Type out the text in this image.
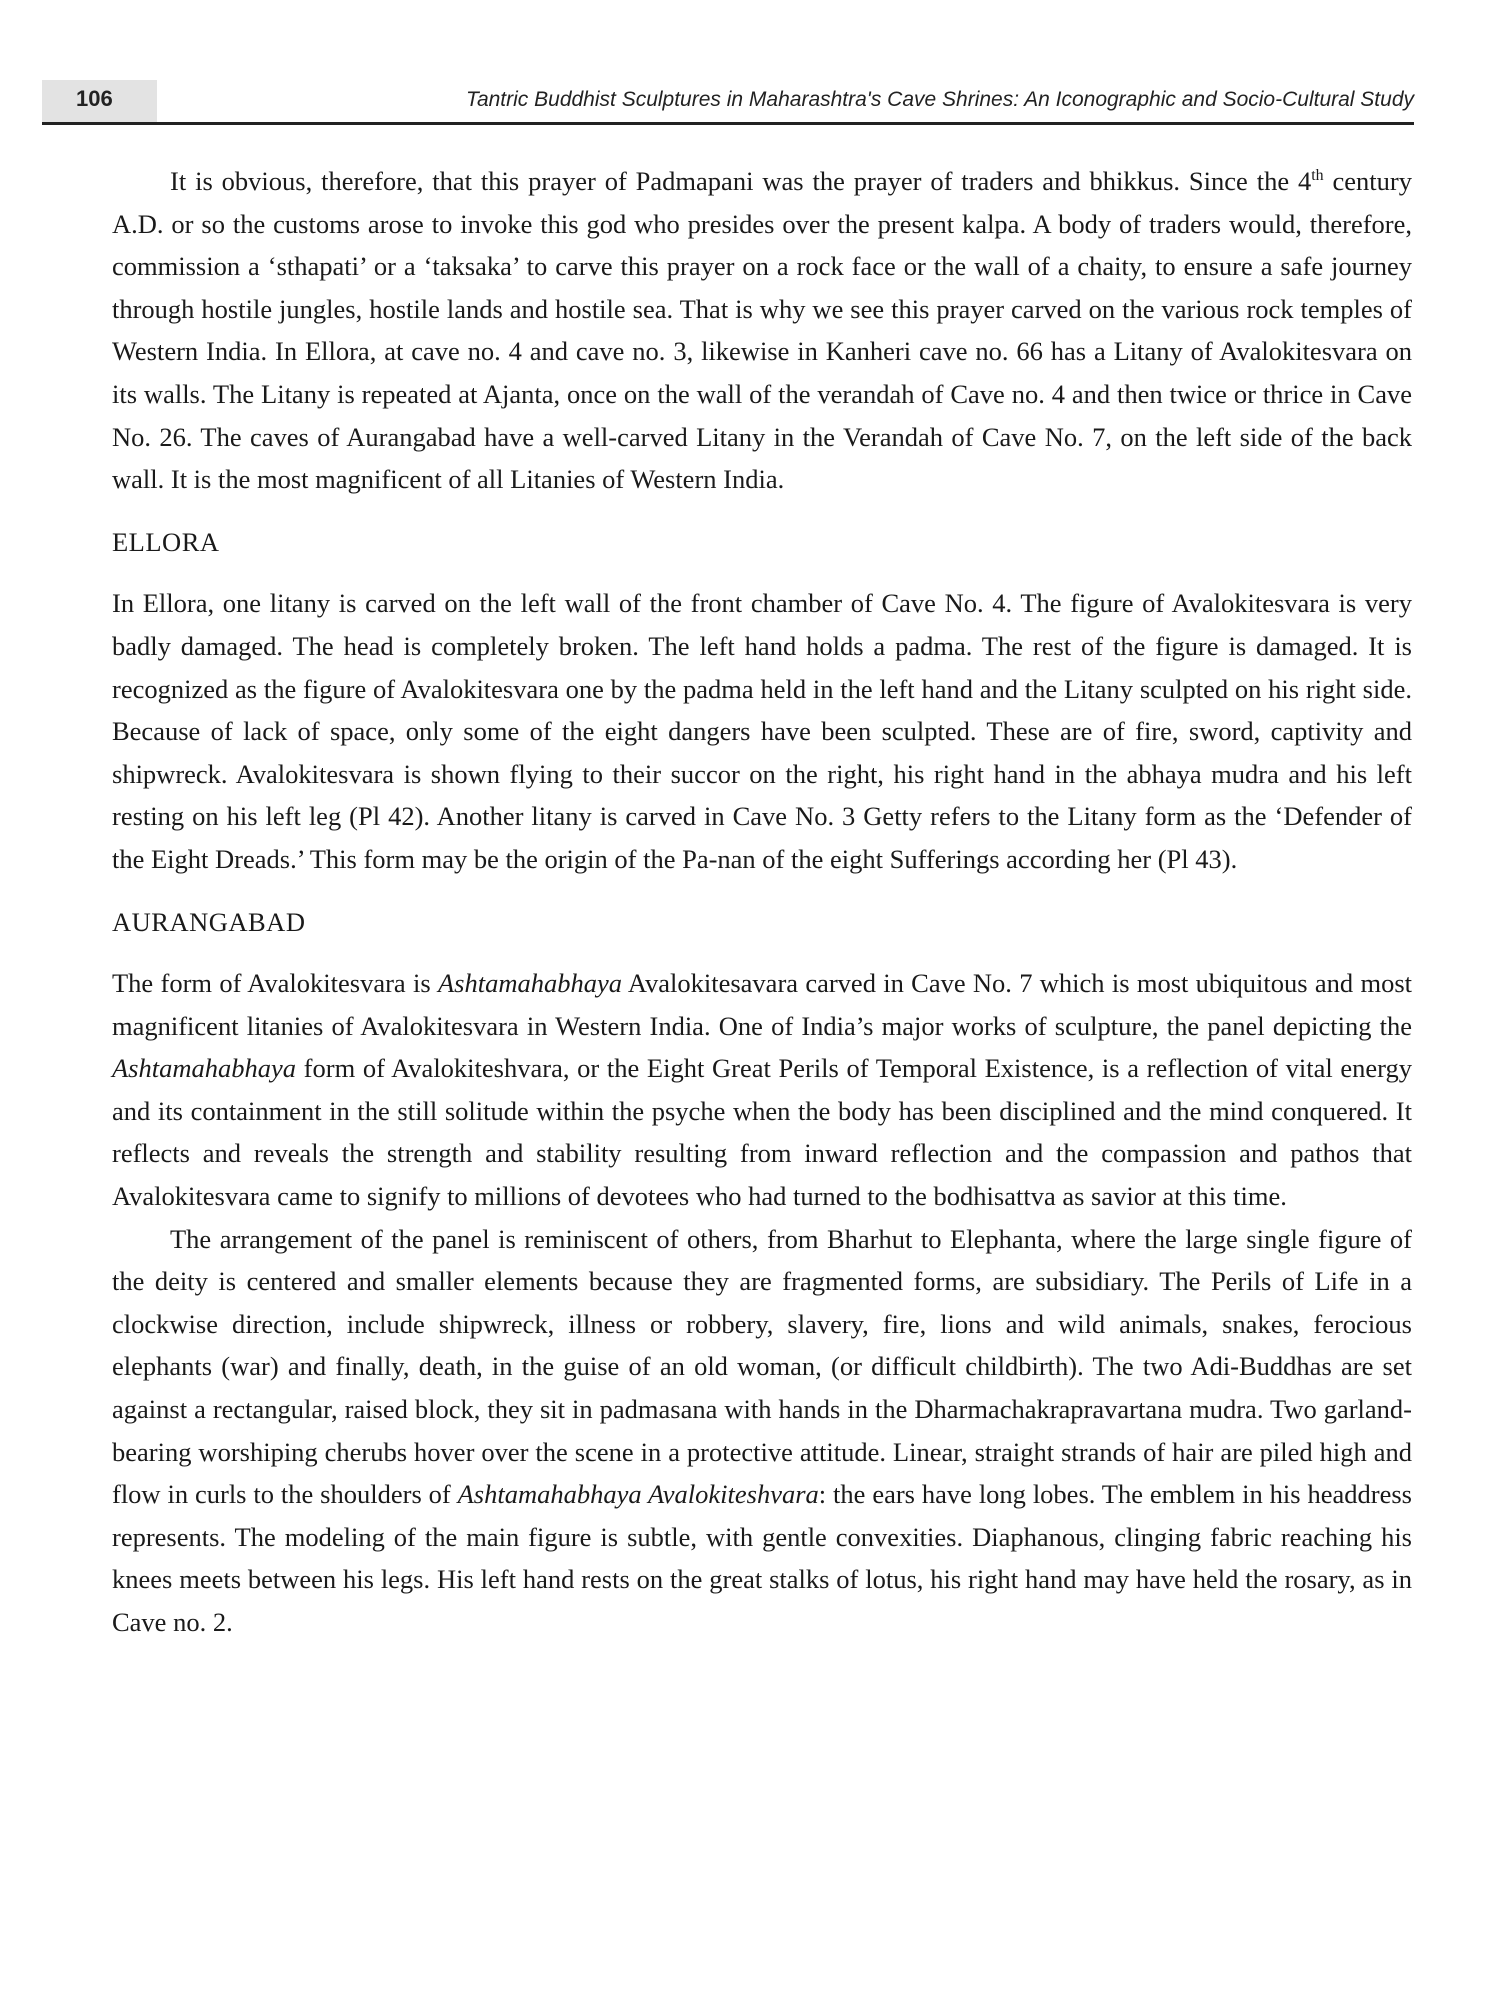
106	Tantric Buddhist Sculptures in Maharashtra's Cave Shrines: An Iconographic and Socio-Cultural Study

It is obvious, therefore, that this prayer of Padmapani was the prayer of traders and bhikkus. Since the 4th century A.D. or so the customs arose to invoke this god who presides over the present kalpa. A body of traders would, therefore, commission a ‘sthapati’ or a ‘taksaka’ to carve this prayer on a rock face or the wall of a chaity, to ensure a safe journey through hostile jungles, hostile lands and hostile sea. That is why we see this prayer carved on the various rock temples of Western India. In Ellora, at cave no. 4 and cave no. 3, likewise in Kanheri cave no. 66 has a Litany of Avalokitesvara on its walls. The Litany is repeated at Ajanta, once on the wall of the verandah of Cave no. 4 and then twice or thrice in Cave No. 26. The caves of Aurangabad have a well-carved Litany in the Verandah of Cave No. 7, on the left side of the back wall. It is the most magnificent of all Litanies of Western India.

ELLORA

In Ellora, one litany is carved on the left wall of the front chamber of Cave No. 4. The figure of Avalokitesvara is very badly damaged. The head is completely broken. The left hand holds a padma. The rest of the figure is damaged. It is recognized as the figure of Avalokitesvara one by the padma held in the left hand and the Litany sculpted on his right side. Because of lack of space, only some of the eight dangers have been sculpted. These are of fire, sword, captivity and shipwreck. Avalokitesvara is shown flying to their succor on the right, his right hand in the abhaya mudra and his left resting on his left leg (Pl 42). Another litany is carved in Cave No. 3 Getty refers to the Litany form as the ‘Defender of the Eight Dreads.’ This form may be the origin of the Pa-nan of the eight Sufferings according her (Pl 43).

AURANGABAD

The form of Avalokitesvara is Ashtamahabhaya Avalokitesavara carved in Cave No. 7 which is most ubiquitous and most magnificent litanies of Avalokitesvara in Western India. One of India’s major works of sculpture, the panel depicting the Ashtamahabhaya form of Avalokiteshvara, or the Eight Great Perils of Temporal Existence, is a reflection of vital energy and its containment in the still solitude within the psyche when the body has been disciplined and the mind conquered. It reflects and reveals the strength and stability resulting from inward reflection and the compassion and pathos that Avalokitesvara came to signify to millions of devotees who had turned to the bodhisattva as savior at this time.

The arrangement of the panel is reminiscent of others, from Bharhut to Elephanta, where the large single figure of the deity is centered and smaller elements because they are fragmented forms, are subsidiary. The Perils of Life in a clockwise direction, include shipwreck, illness or robbery, slavery, fire, lions and wild animals, snakes, ferocious elephants (war) and finally, death, in the guise of an old woman, (or difficult childbirth). The two Adi-Buddhas are set against a rectangular, raised block, they sit in padmasana with hands in the Dharmachakrapravartana mudra. Two garland-bearing worshiping cherubs hover over the scene in a protective attitude. Linear, straight strands of hair are piled high and flow in curls to the shoulders of Ashtamahabhaya Avalokiteshvara: the ears have long lobes. The emblem in his headdress represents. The modeling of the main figure is subtle, with gentle convexities. Diaphanous, clinging fabric reaching his knees meets between his legs. His left hand rests on the great stalks of lotus, his right hand may have held the rosary, as in Cave no. 2.
